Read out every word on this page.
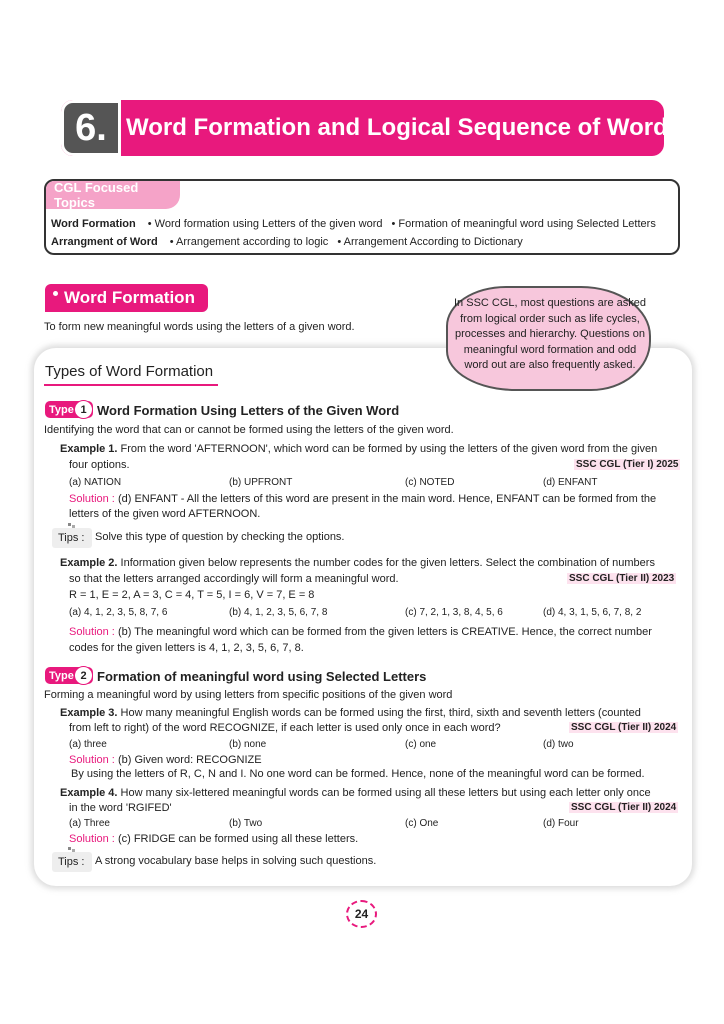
6. Word Formation and Logical Sequence of Words
CGL Focused Topics
Word Formation • Word formation using Letters of the given word • Formation of meaningful word using Selected Letters
Arrangment of Word • Arrangement according to logic • Arrangement According to Dictionary
Word Formation
To form new meaningful words using the letters of a given word.
In SSC CGL, most questions are asked from logical order such as life cycles, processes and hierarchy. Questions on meaningful word formation and odd word out are also frequently asked.
Types of Word Formation
Type 1 Word Formation Using Letters of the Given Word
Identifying the word that can or cannot be formed using the letters of the given word.
Example 1. From the word 'AFTERNOON', which word can be formed by using the letters of the given word from the given
four options.	SSC CGL (Tier I) 2025
(a) NATION	(b) UPFRONT	(c) NOTED	(d) ENFANT
Solution : (d) ENFANT - All the letters of this word are present in the main word. Hence, ENFANT can be formed from the
letters of the given word AFTERNOON.
Tips : Solve this type of question by checking the options.
Example 2. Information given below represents the number codes for the given letters. Select the combination of numbers
so that the letters arranged accordingly will form a meaningful word.	SSC CGL (Tier II) 2023
R = 1, E = 2, A = 3, C = 4, T = 5, I = 6, V = 7, E = 8
(a) 4, 1, 2, 3, 5, 8, 7, 6	(b) 4, 1, 2, 3, 5, 6, 7, 8	(c) 7, 2, 1, 3, 8, 4, 5, 6	(d) 4, 3, 1, 5, 6, 7, 8, 2
Solution : (b) The meaningful word which can be formed from the given letters is CREATIVE. Hence, the correct number
codes for the given letters is 4, 1, 2, 3, 5, 6, 7, 8.
Type 2 Formation of meaningful word using Selected Letters
Forming a meaningful word by using letters from specific positions of the given word
Example 3. How many meaningful English words can be formed using the first, third, sixth and seventh letters (counted
from left to right) of the word RECOGNIZE, if each letter is used only once in each word?	SSC CGL (Tier II) 2024
(a) three	(b) none	(c) one	(d) two
Solution : (b) Given word: RECOGNIZE
By using the letters of R, C, N and I. No one word can be formed. Hence, none of the meaningful word can be formed.
Example 4. How many six-lettered meaningful words can be formed using all these letters but using each letter only once
in the word 'RGIFED'	SSC CGL (Tier II) 2024
(a) Three	(b) Two	(c) One	(d) Four
Solution : (c) FRIDGE can be formed using all these letters.
Tips : A strong vocabulary base helps in solving such questions.
24
